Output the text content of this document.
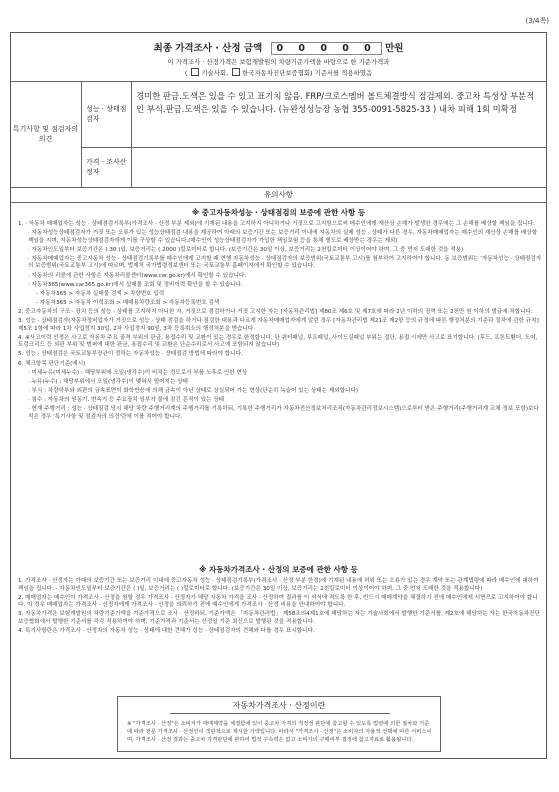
(3/4쪽)
최종 가격조사 · 산정 금액 0 0 0 0 0 만원
이 가격조사 · 산정가격은 보험개발원의 차량기준가액을 바탕으로 한 기준가격과
( 기술사회, 한국자동차진단보증협회) 기준서를 적용하였음
특기사항 및 점검자의 의견
성능 · 상태점검자
경미한 판금.도색은 있을 수 있고 표기치 않음. FRP/크로스멤버 볼트체결방식 점검제외. 중고차 특성상 부분적인 부식.판금.도색은 있을 수 있습니다. (뉴완성성능장 농협 355-0091-5825-33 ) 내차 피해 1회 미확정
가격 · 조사산정자
유의사항
※ 중고자동차성능 · 상태점검의 보증에 관한 사항 등

1. · 자동차 매매업자는 성능 · 상태점검기록부(가격조사 · 산정 부분 제외)에 기재된 내용을 고지하지 아니하거나 거짓으로 고지함으로써 매수인에게 재산상 손해가 발생한 경우에는 그 손해를 배상할 책임을 집니다.

· 자동차성능상태점검자가 거짓 또는 오류가 있는 성능상태점검 내용을 제공하여 아래의 보증기간 또는 보증거리 이내에 자동차의 실제 성능 · 상태가 다른 경우, 자동차매매업자는 매수인의 재산상 손해를 배상할 책임을 지며, 자동차성능상태점검자에게 이를 구상할 수 있습니다.(매수인이 성능상태점검자가 가입한 책임보험 등을 통해 별도로 배상받는 경우는 제외)

· 자동차인도일부터 보증기간은 ( 30 )일, 보증거리는 ( 2000 )킬로미터로 합니다. (보증기간은 30일 이상, 보증거리는 2천킬로미터 이상이어야 하며, 그 중 먼저 도래한 것을 적용)

· 자동차매매업자는 중고자동차 성능 · 상태점검기록부를 매수인에게 고지할 때 현행 자동차성능 · 상태점검자의 보증범위(국토교통부 고시)를 첨부하여 고지하여야 합니다. 동 보증범위는 '자동차성능 · 상태점검자의 보증범위(국토교통부 고시)에 따르며, 법제처 국가법령정보센터 또는 국토교통부 홈페이지에서 확인할 수 있습니다.

· 자동차의 리콜에 관한 사항은 자동차리콜센터(www.car.go.kr)에서 확인할 수 있습니다.

· 자동차365(www.car365.go.kr)에서 실매물 조회 및 정비이력 확인을 할 수 있습니다.

- 자동차365 > 자동차 실매물 검색 > 차량번호 입력

- 자동차365 > 자동차 이력조회 > 매매용차량조회 > 자동차등록번호 검색

2. 중고자동차의 구조 · 장치 등의 성능 · 상태를 고지하지 아니한 자, 거짓으로 점검하거나 거짓 고지한 자는 [자동차관리법] 제80조 제6호 및 제7호에 따라 2년 이하의 징역 또는 2천만 원 이하의 벌금에 처합니다.

3. 성능 · 상태점검자(자동차정비업자가 거짓으로 성능 · 상태 점검을 하거나 점검한 내용과 다르게 자동차매매업자에게 알린 경우 [자동차관리법 제21조 제2항 등의 규정에 따른 행정처분의 기준과 절차에 관한 규칙] 제5조 1항에 따라 1차 사업정지 30일, 2차 사업정지 90일, 3차 등록취소의 행정처분을 받습니다.

4. ※사고이력 인정은 사고로 자동차 주요 골격 부위의 판금, 용접수리 및 교환이 있는 경우로 한정합니다. 단 쿼터패널, 루프패널, 사이드실패널 부위는 절단, 용접 시에만 사고로 표기합니다. (후드, 프론트휀더, 도어, 트렁크리드 등 외판 부위 및 범퍼에 대한 판금, 용접수리 및 교환은 단순수리로서 사고에 포함되지 않습니다)

5. 성능 · 상태점검은 국토교통부장관이 정하는 자동차성능 · 상태점검 방법에 따라야 합니다.

6. 체크항목 판단기준(예시)

· 미세누유(미세누수) : 해당부위에 오일(냉각수)이 비치는 정도로서 부품 노후로 인한 현상

· 누유(누수) : 해당부위에서 오일(냉각수)이 맺혀서 떨어지는 상태

· 부식 : 차량하부와 외판의 금속표면이 화학반응에 의해 금속이 아닌 상태로 상실되어 가는 현상(단순히 녹슬어 있는 상태는 제외합니다)

· 침수 : 자동차의 원동기, 변속기 등 주요장치 일부가 물에 잠긴 흔적이 있는 상태

· 현재 주행거리 : 성능 · 상태점검 당시 해당 차량 주행거리계의 주행거리를 기록하되, 기록한 주행거리가 자동차전산정보처리조직(자동차관리정보시스템)으로부터 받은 주행거리(주행거리계 교체 정보 포함)보다 적은 경우 '특기사항 및 점검자의 의견'란에 이를 적어야 합니다.

※ 자동차가격조사 · 산정의 보증에 관한 사항 등

1. 가격조사 · 산정자는 아래의 보증기간 또는 보증거리 이내에 중고자동차 성능 · 상태점검기록부(가격조사 · 산정 부분 한정)에 기재된 내용에 허위 또는 오류가 있는 경우 계약 또는 관계법령에 따라 매수인에 대하여 책임을 집니다. · 자동차인도일부터 보증기간은 ( )일, 보증거리는 ( )킬로미터로 합니다. (보증기간은 30일 이상, 보증거리는 2천킬로미터 이상이어야 하며, 그 중 먼저 도래한 것을 적용합니다)

2. 매매업자는 매수인이 가격조사 · 산정을 원할 경우 가격조사 · 산정자가 해당 자동차 가격을 조사 · 산정하여 결과를 이 서식에 적도록 한 후, 반드시 매매계약을 체결하기 전에 매수인에게 서면으로 고지하여야 합니다. 이 경우 매매업자는 가격조사 · 산정자에게 가격조사 · 산정을 의뢰하기 전에 매수인에게 가격조사 · 산정 비용을 안내하여야 합니다.

3. 자동차가격은 보험개발원의 차량기준가액을 기준가격으로 조사 · 산정하되, 기준가액은 「자동차관리법」 제58조의4제1호에 해당하는 자는 기술사회에서 발행한 기준서를, 제2호에 해당하는 자는 한국자동차진단보증협회에서 발행한 기준서를 각각 적용하여야 하며, 기준가격과 기준서는 산정일 기준 최신으로 발행된 것을 적용합니다.

4. 특기사항란은 가격조사 · 산정자의 자동차 성능 · 상태에 대한 견해가 성능 · 상태점검자의 견해와 다를 경우 표시합니다.

자동차가격조사 · 산정이란
※ "가격조사 · 산정"은 소비자가 매매계약을 체결함에 있어 중고차 가격의 적정성 판단에 참고할 수 있도록 법령에 의한 절차와 기준에 따라 전문 가격조사 · 산정인이 객관적으로 제시한 가액입니다. 따라서 "가격조사 · 산정"은 소비자의 자율적 선택에 따른 서비스이며, 가격조사 · 산정 결과는 중고차 가격판단에 관하여 법적 구속력은 없고 소비자의 구매여부 결정에 참고자료로 활용됩니다.
